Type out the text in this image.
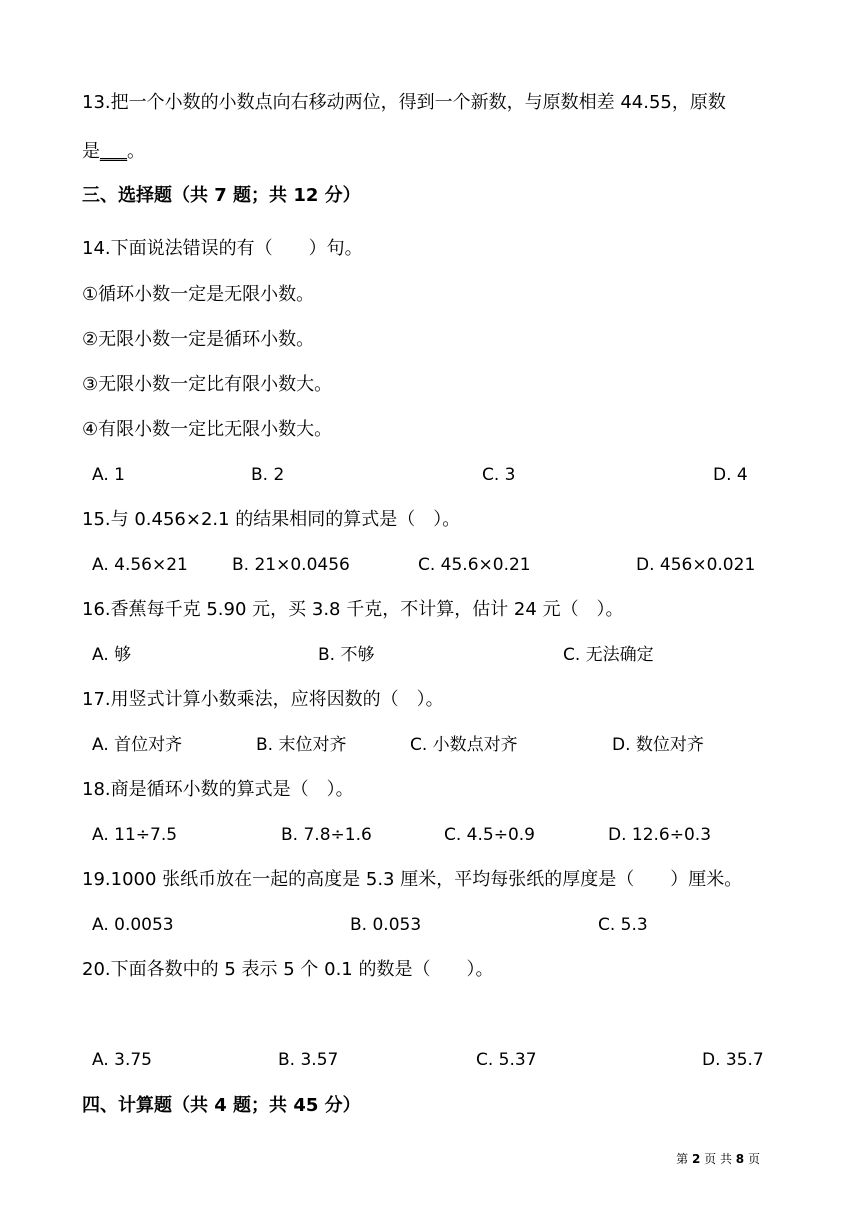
13.把一个小数的小数点向右移动两位，得到一个新数，与原数相差 44.55，原数
是___。
三、选择题（共 7 题；共 12 分）
14.下面说法错误的有（　　）句。
①循环小数一定是无限小数。
②无限小数一定是循环小数。
③无限小数一定比有限小数大。
④有限小数一定比无限小数大。
A. 1	B. 2	C. 3	D. 4
15.与 0.456×2.1 的结果相同的算式是（　）。
A. 4.56×21	B. 21×0.0456	C. 45.6×0.21	D. 456×0.021
16.香蕉每千克 5.90 元，买 3.8 千克，不计算，估计 24 元（　）。
A. 够	B. 不够	C. 无法确定
17.用竖式计算小数乘法，应将因数的（　）。
A. 首位对齐	B. 末位对齐	C. 小数点对齐	D. 数位对齐
18.商是循环小数的算式是（　）。
A. 11÷7.5	B. 7.8÷1.6	C. 4.5÷0.9	D. 12.6÷0.3
19.1000 张纸币放在一起的高度是 5.3 厘米，平均每张纸的厚度是（　　）厘米。
A. 0.0053	B. 0.053	C. 5.3
20.下面各数中的 5 表示 5 个 0.1 的数是（　　）。
A. 3.75	B. 3.57	C. 5.37	D. 35.7
四、计算题（共 4 题；共 45 分）
第 2 页 共 8 页
